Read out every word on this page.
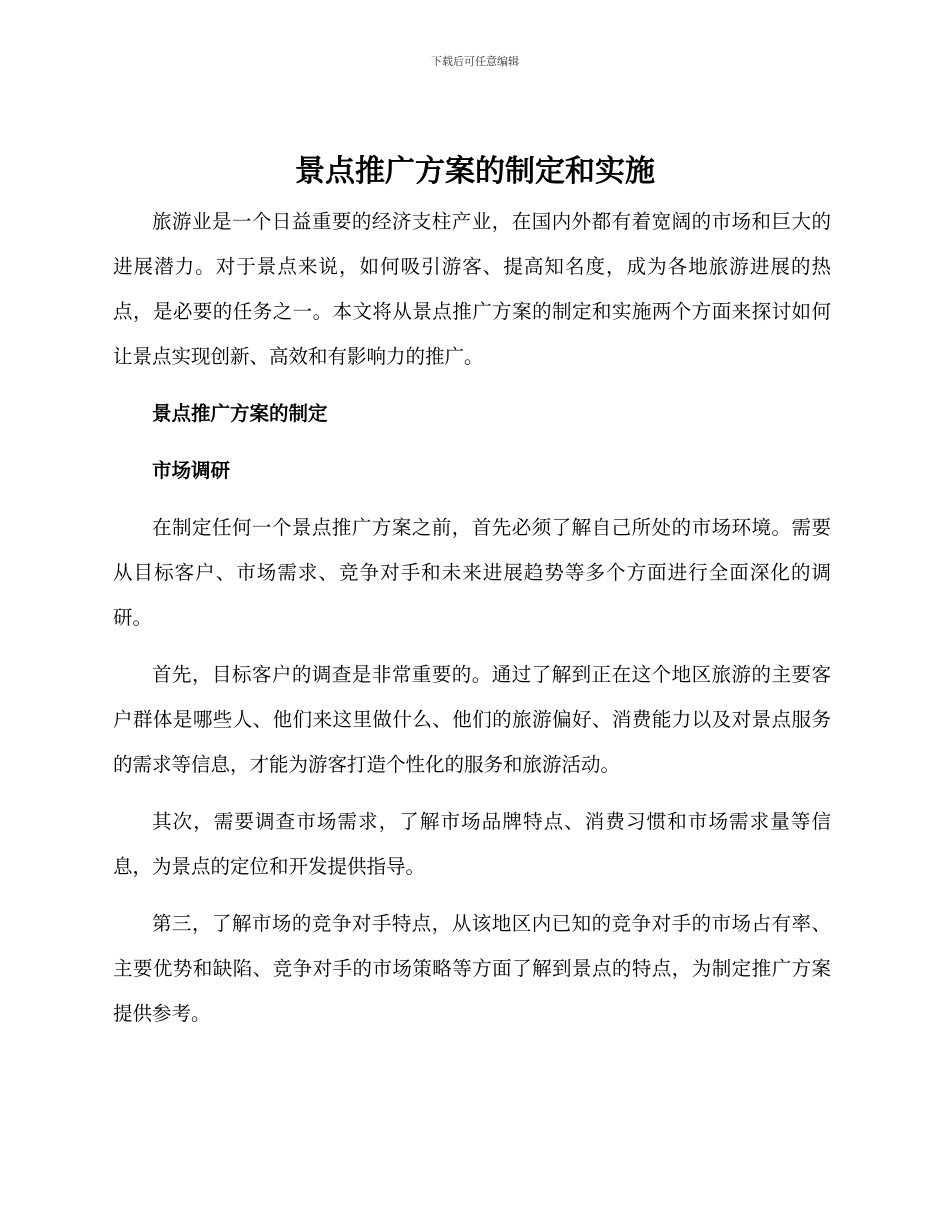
下载后可任意编辑
景点推广方案的制定和实施

旅游业是一个日益重要的经济支柱产业，在国内外都有着宽阔的市场和巨大的进展潜力。对于景点来说，如何吸引游客、提高知名度，成为各地旅游进展的热点，是必要的任务之一。本文将从景点推广方案的制定和实施两个方面来探讨如何让景点实现创新、高效和有影响力的推广。

景点推广方案的制定

市场调研

在制定任何一个景点推广方案之前，首先必须了解自己所处的市场环境。需要从目标客户、市场需求、竞争对手和未来进展趋势等多个方面进行全面深化的调研。

首先，目标客户的调查是非常重要的。通过了解到正在这个地区旅游的主要客户群体是哪些人、他们来这里做什么、他们的旅游偏好、消费能力以及对景点服务的需求等信息，才能为游客打造个性化的服务和旅游活动。

其次，需要调查市场需求，了解市场品牌特点、消费习惯和市场需求量等信息，为景点的定位和开发提供指导。

第三，了解市场的竞争对手特点，从该地区内已知的竞争对手的市场占有率、主要优势和缺陷、竞争对手的市场策略等方面了解到景点的特点，为制定推广方案提供参考。
